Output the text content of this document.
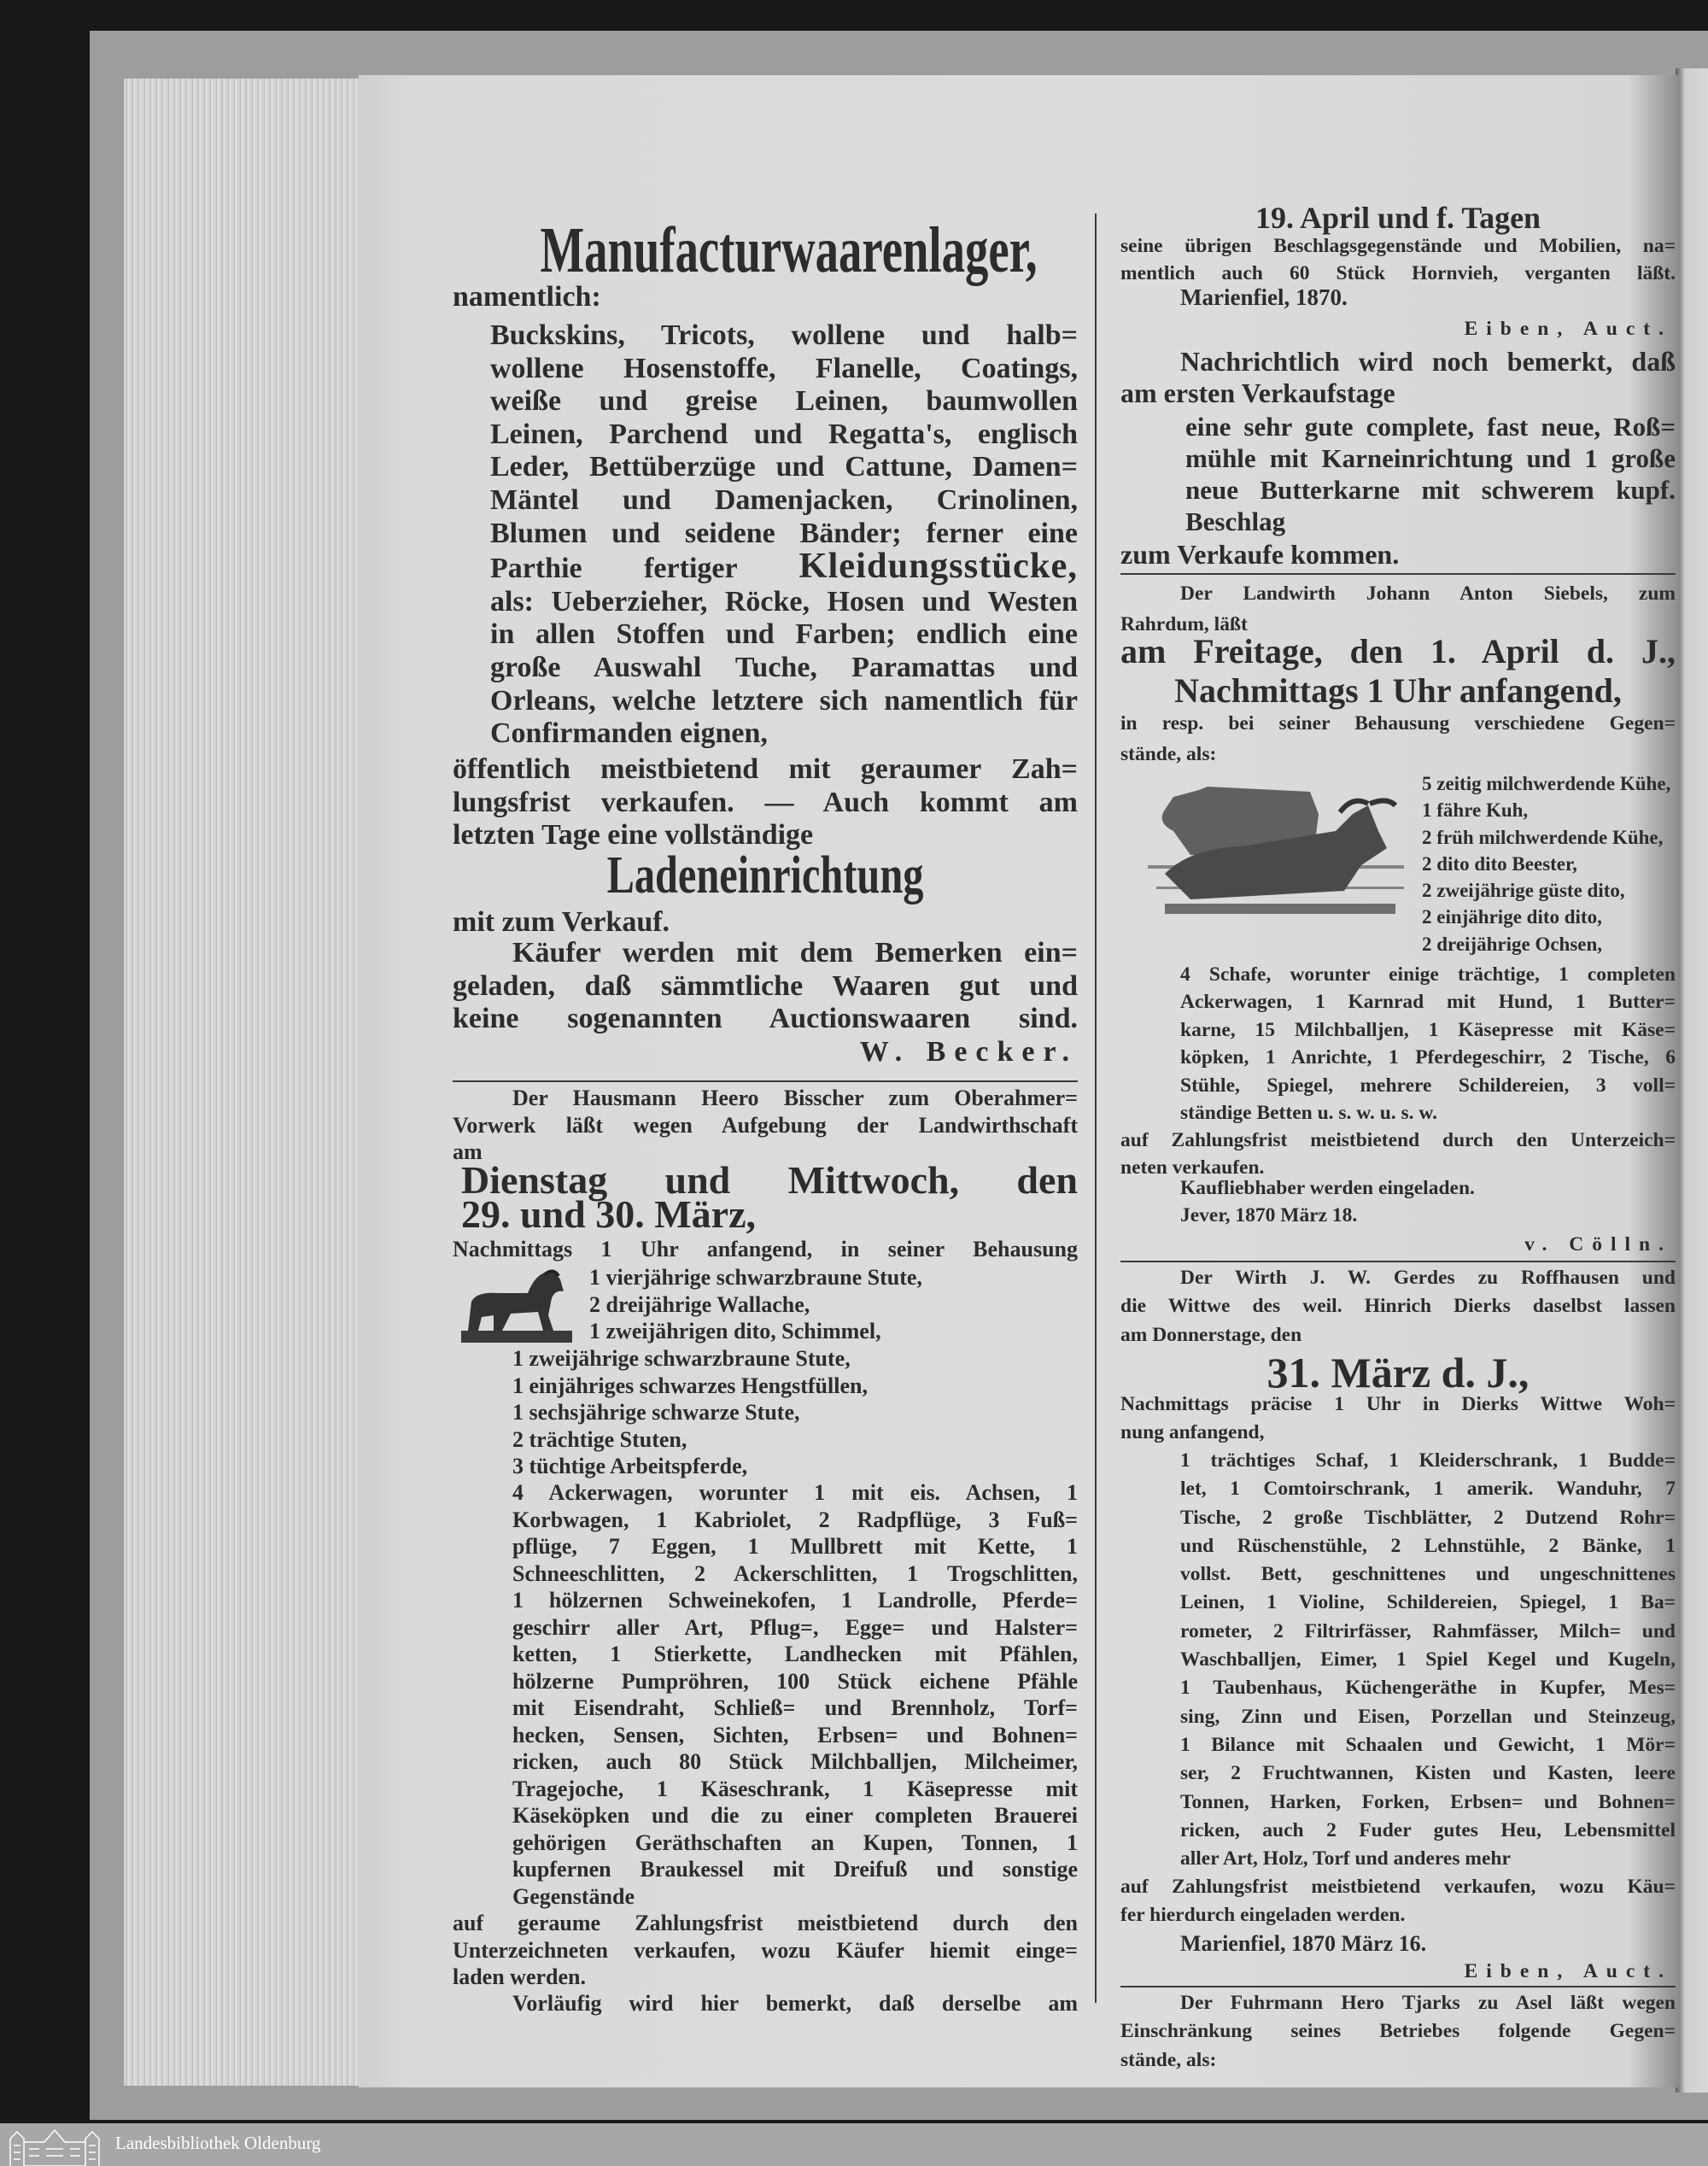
Manufacturwaarenlager,
namentlich:
Buckskins, Tricots, wollene und halb=
wollene Hosenstoffe, Flanelle, Coatings,
weiße und greise Leinen, baumwollen
Leinen, Parchend und Regatta's, englisch
Leder, Bettüberzüge und Cattune, Damen=
Mäntel und Damenjacken, Crinolinen,
Blumen und seidene Bänder; ferner eine
Parthie fertiger Kleidungsstücke,
als: Ueberzieher, Röcke, Hosen und Westen
in allen Stoffen und Farben; endlich eine
große Auswahl Tuche, Paramattas und
Orleans, welche letztere sich namentlich für
Confirmanden eignen,
öffentlich meistbietend mit geraumer Zah=
lungsfrist verkaufen. — Auch kommt am
letzten Tage eine vollständige
Ladeneinrichtung
mit zum Verkauf.
Käufer werden mit dem Bemerken ein=
geladen, daß sämmtliche Waaren gut und
keine sogenannten Auctionswaaren sind.
W. Becker.
Der Hausmann Heero Bisscher zum Oberahmer=
Vorwerk läßt wegen Aufgebung der Landwirthschaft
am
Dienstag und Mittwoch, den
29. und 30. März,
Nachmittags 1 Uhr anfangend, in seiner Behausung
1 vierjährige schwarzbraune Stute,
2 dreijährige Wallache,
1 zweijährigen dito, Schimmel,
1 zweijährige schwarzbraune Stute,
1 einjähriges schwarzes Hengstfüllen,
1 sechsjährige schwarze Stute,
2 trächtige Stuten,
3 tüchtige Arbeitspferde,
4 Ackerwagen, worunter 1 mit eis. Achsen, 1
Korbwagen, 1 Kabriolet, 2 Radpflüge, 3 Fuß=
pflüge, 7 Eggen, 1 Mullbrett mit Kette, 1
Schneeschlitten, 2 Ackerschlitten, 1 Trogschlitten,
1 hölzernen Schweinekofen, 1 Landrolle, Pferde=
geschirr aller Art, Pflug=, Egge= und Halster=
ketten, 1 Stierkette, Landhecken mit Pfählen,
hölzerne Pumpröhren, 100 Stück eichene Pfähle
mit Eisendraht, Schließ= und Brennholz, Torf=
hecken, Sensen, Sichten, Erbsen= und Bohnen=
ricken, auch 80 Stück Milchballjen, Milcheimer,
Tragejoche, 1 Käseschrank, 1 Käsepresse mit
Käseköpken und die zu einer completen Brauerei
gehörigen Geräthschaften an Kupen, Tonnen, 1
kupfernen Braukessel mit Dreifuß und sonstige
Gegenstände
auf geraume Zahlungsfrist meistbietend durch den
Unterzeichneten verkaufen, wozu Käufer hiemit einge=
laden werden.
Vorläufig wird hier bemerkt, daß derselbe am
19. April und f. Tagen
seine übrigen Beschlagsgegenstände und Mobilien, na=
mentlich auch 60 Stück Hornvieh, verganten läßt.
Marienfiel, 1870.
Eiben, Auct.
Nachrichtlich wird noch bemerkt, daß
am ersten Verkaufstage
eine sehr gute complete, fast neue, Roß=
mühle mit Karneinrichtung und 1 große
neue Butterkarne mit schwerem kupf.
Beschlag
zum Verkaufe kommen.
Der Landwirth Johann Anton Siebels, zum
Rahrdum, läßt
am Freitage, den 1. April d. J.,
Nachmittags 1 Uhr anfangend,
in resp. bei seiner Behausung verschiedene Gegen=
stände, als:
5 zeitig milchwerdende Kühe,
1 fähre Kuh,
2 früh milchwerdende Kühe,
2 dito dito Beester,
2 zweijährige güste dito,
2 einjährige dito dito,
2 dreijährige Ochsen,
4 Schafe, worunter einige trächtige, 1 completen
Ackerwagen, 1 Karnrad mit Hund, 1 Butter=
karne, 15 Milchballjen, 1 Käsepresse mit Käse=
köpken, 1 Anrichte, 1 Pferdegeschirr, 2 Tische, 6
Stühle, Spiegel, mehrere Schildereien, 3 voll=
ständige Betten u. s. w. u. s. w.
auf Zahlungsfrist meistbietend durch den Unterzeich=
neten verkaufen.
Kaufliebhaber werden eingeladen.
Jever, 1870 März 18.
v. Cölln.
Der Wirth J. W. Gerdes zu Roffhausen und
die Wittwe des weil. Hinrich Dierks daselbst lassen
am Donnerstage, den
31. März d. J.,
Nachmittags präcise 1 Uhr in Dierks Wittwe Woh=
nung anfangend,
1 trächtiges Schaf, 1 Kleiderschrank, 1 Budde=
let, 1 Comtoirschrank, 1 amerik. Wanduhr, 7
Tische, 2 große Tischblätter, 2 Dutzend Rohr=
und Rüschenstühle, 2 Lehnstühle, 2 Bänke, 1
vollst. Bett, geschnittenes und ungeschnittenes
Leinen, 1 Violine, Schildereien, Spiegel, 1 Ba=
rometer, 2 Filtrirfässer, Rahmfässer, Milch= und
Waschballjen, Eimer, 1 Spiel Kegel und Kugeln,
1 Taubenhaus, Küchengeräthe in Kupfer, Mes=
sing, Zinn und Eisen, Porzellan und Steinzeug,
1 Bilance mit Schaalen und Gewicht, 1 Mör=
ser, 2 Fruchtwannen, Kisten und Kasten, leere
Tonnen, Harken, Forken, Erbsen= und Bohnen=
ricken, auch 2 Fuder gutes Heu, Lebensmittel
aller Art, Holz, Torf und anderes mehr
auf Zahlungsfrist meistbietend verkaufen, wozu Käu=
fer hierdurch eingeladen werden.
Marienfiel, 1870 März 16.
Eiben, Auct.
Der Fuhrmann Hero Tjarks zu Asel läßt wegen
Einschränkung seines Betriebes folgende Gegen=
stände, als:
Landesbibliothek Oldenburg
